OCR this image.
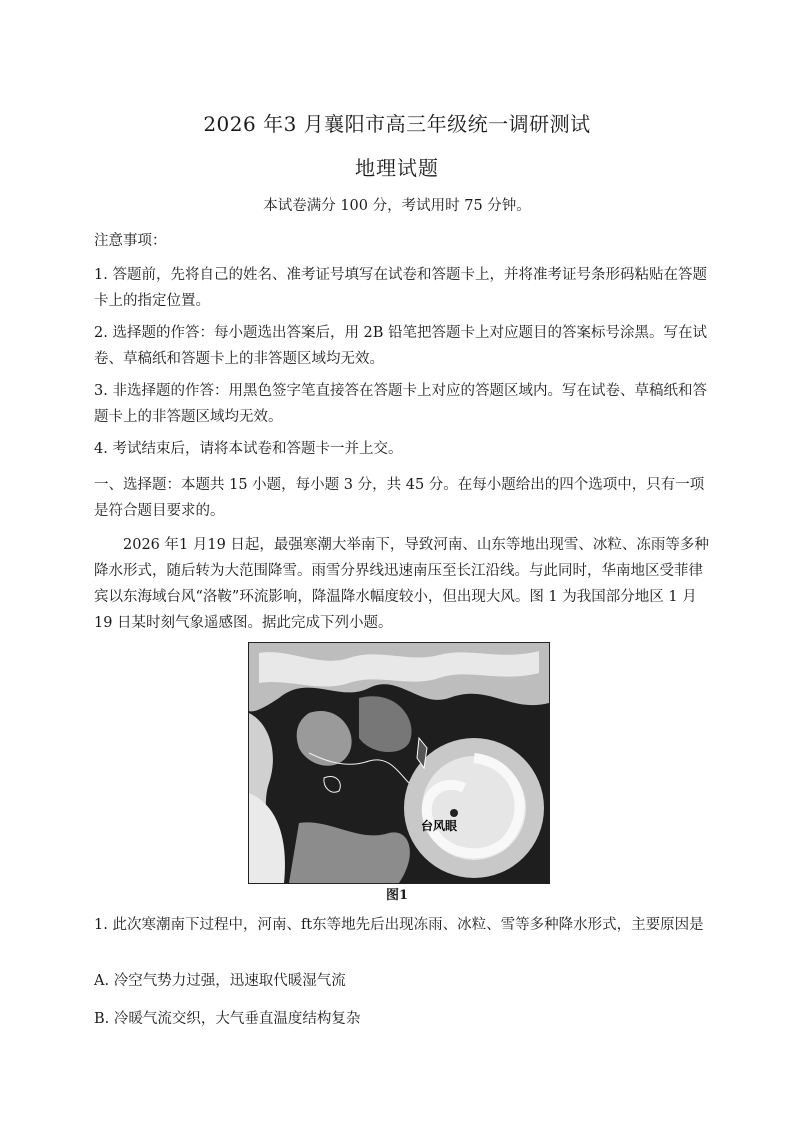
2026 年3 月襄阳市高三年级统一调研测试
地理试题
本试卷满分 100 分，考试用时 75 分钟。
注意事项：
1. 答题前，先将自己的姓名、准考证号填写在试卷和答题卡上，并将准考证号条形码粘贴在答题卡上的指定位置。
2. 选择题的作答：每小题选出答案后，用 2B 铅笔把答题卡上对应题目的答案标号涂黑。写在试卷、草稿纸和答题卡上的非答题区域均无效。
3. 非选择题的作答：用黑色签字笔直接答在答题卡上对应的答题区域内。写在试卷、草稿纸和答题卡上的非答题区域均无效。
4. 考试结束后，请将本试卷和答题卡一并上交。
一、选择题：本题共 15 小题，每小题 3 分，共 45 分。在每小题给出的四个选项中，只有一项是符合题目要求的。
2026 年1 月19 日起，最强寒潮大举南下，导致河南、山东等地出现雪、冰粒、冻雨等多种降水形式，随后转为大范围降雪。雨雪分界线迅速南压至长江沿线。与此同时，华南地区受菲律宾以东海域台风“洛鞍”环流影响，降温降水幅度较小，但出现大风。图 1 为我国部分地区 1 月19 日某时刻气象遥感图。据此完成下列小题。
台风眼
图1
1. 此次寒潮南下过程中，河南、ft东等地先后出现冻雨、冰粒、雪等多种降水形式，主要原因是
A. 冷空气势力过强，迅速取代暖湿气流
B. 冷暖气流交织，大气垂直温度结构复杂
